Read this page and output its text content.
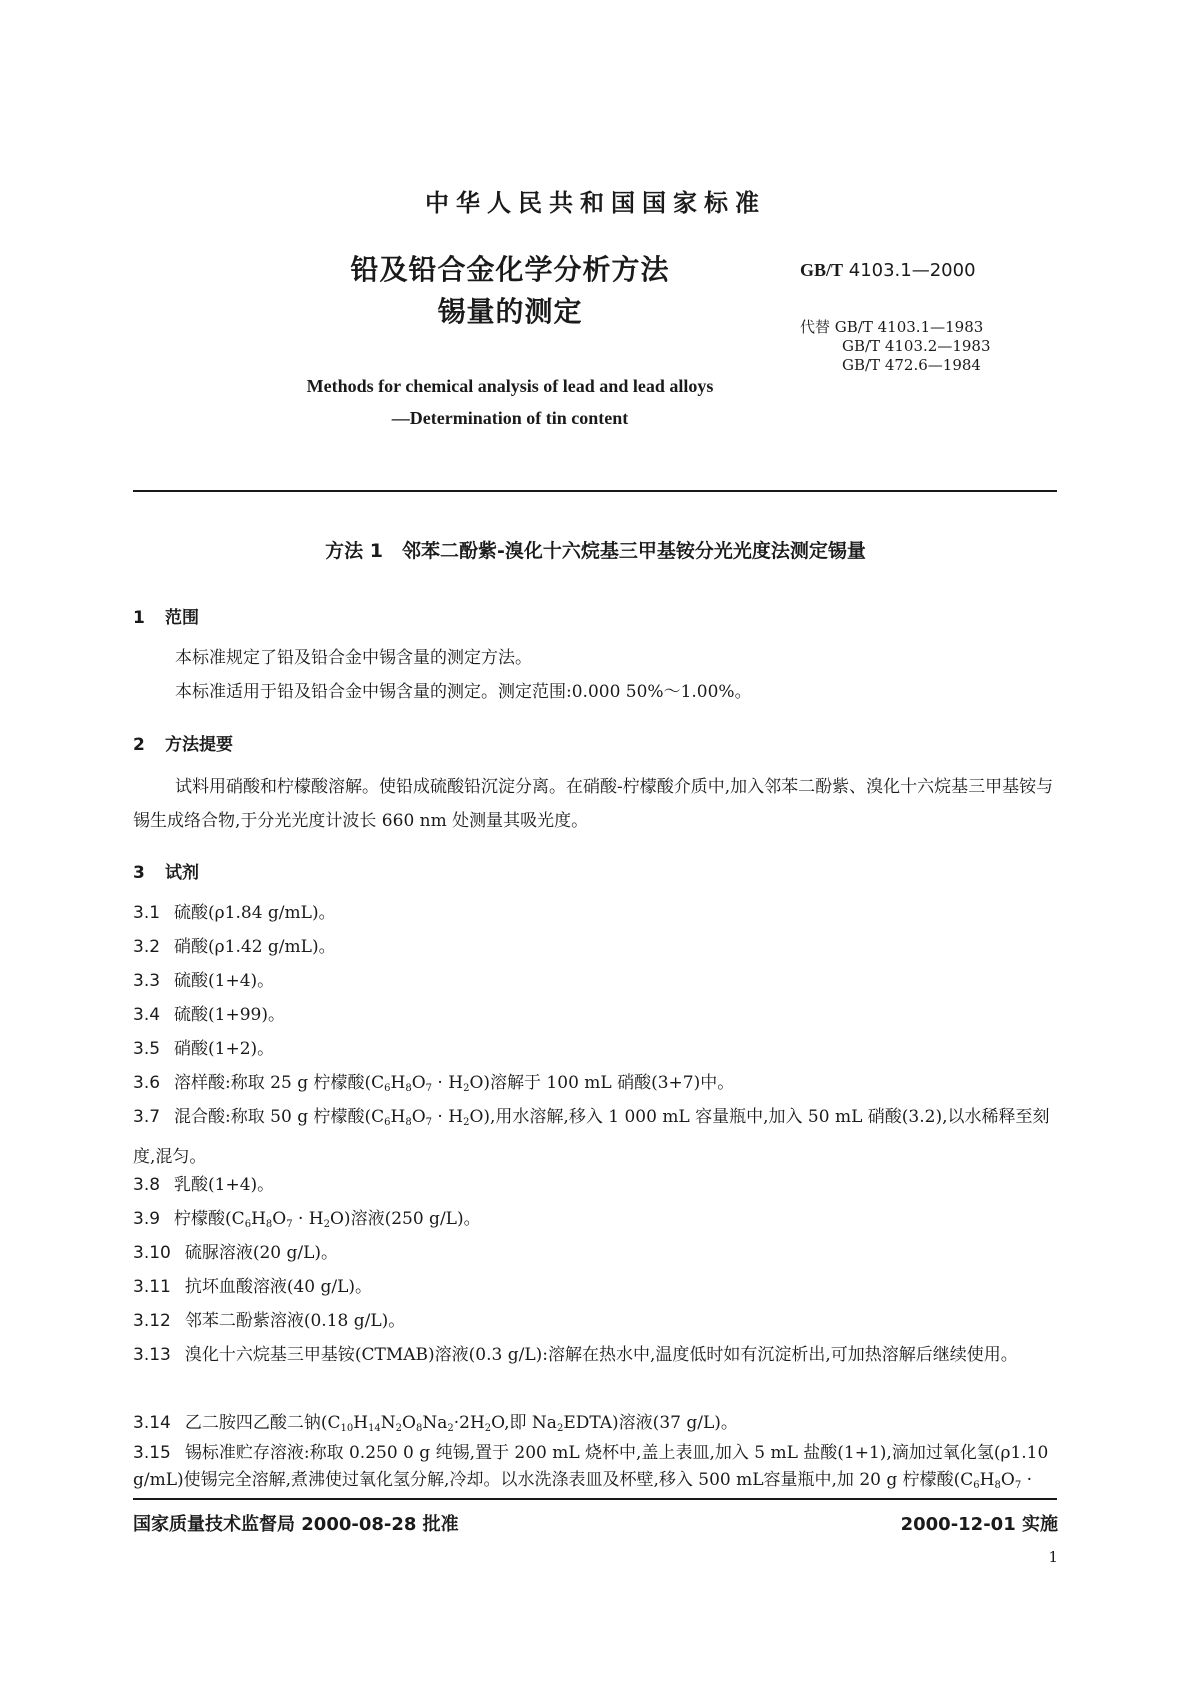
中华人民共和国国家标准
铅及铅合金化学分析方法
锡量的测定
GB/T 4103.1—2000
代替 GB/T 4103.1—1983
GB/T 4103.2—1983
GB/T 472.6—1984
Methods for chemical analysis of lead and lead alloys
—Determination of tin content
方法 1　邻苯二酚紫-溴化十六烷基三甲基铵分光光度法测定锡量
1 范围
本标准规定了铅及铅合金中锡含量的测定方法。
本标准适用于铅及铅合金中锡含量的测定。测定范围:0.000 50%～1.00%。
2 方法提要
试料用硝酸和柠檬酸溶解。使铅成硫酸铅沉淀分离。在硝酸-柠檬酸介质中,加入邻苯二酚紫、溴化十六烷基三甲基铵与锡生成络合物,于分光光度计波长 660 nm 处测量其吸光度。
3 试剂
3.1 硫酸(ρ1.84 g/mL)。
3.2 硝酸(ρ1.42 g/mL)。
3.3 硫酸(1+4)。
3.4 硫酸(1+99)。
3.5 硝酸(1+2)。
3.6 溶样酸:称取 25 g 柠檬酸$(C_6H_8O_7 \cdot H_2O)$溶解于 100 mL 硝酸(3+7)中。
3.7 混合酸:称取 50 g 柠檬酸$(C_6H_8O_7 \cdot H_2O)$,用水溶解,移入 1 000 mL 容量瓶中,加入 50 mL 硝酸(3.2),以水稀释至刻度,混匀。
3.8 乳酸(1+4)。
3.9 柠檬酸$(C_6H_8O_7 \cdot H_2O)$溶液(250 g/L)。
3.10 硫脲溶液(20 g/L)。
3.11 抗坏血酸溶液(40 g/L)。
3.12 邻苯二酚紫溶液(0.18 g/L)。
3.13 溴化十六烷基三甲基铵(CTMAB)溶液(0.3 g/L):溶解在热水中,温度低时如有沉淀析出,可加热溶解后继续使用。
3.14 乙二胺四乙酸二钠($C_{10}H_{14}N_2O_8Na_2\cdot 2H_2O$,即 $Na_2EDTA$)溶液(37 g/L)。
3.15 锡标准贮存溶液:称取 0.250 0 g 纯锡,置于 200 mL 烧杯中,盖上表皿,加入 5 mL 盐酸(1+1),滴加过氧化氢(ρ1.10 g/mL)使锡完全溶解,煮沸使过氧化氢分解,冷却。以水洗涤表皿及杯壁,移入 500 mL容量瓶中,加 20 g 柠檬酸($C_6H_8O_7$ ·
国家质量技术监督局 2000-08-28 批准	2000-12-01 实施
1
